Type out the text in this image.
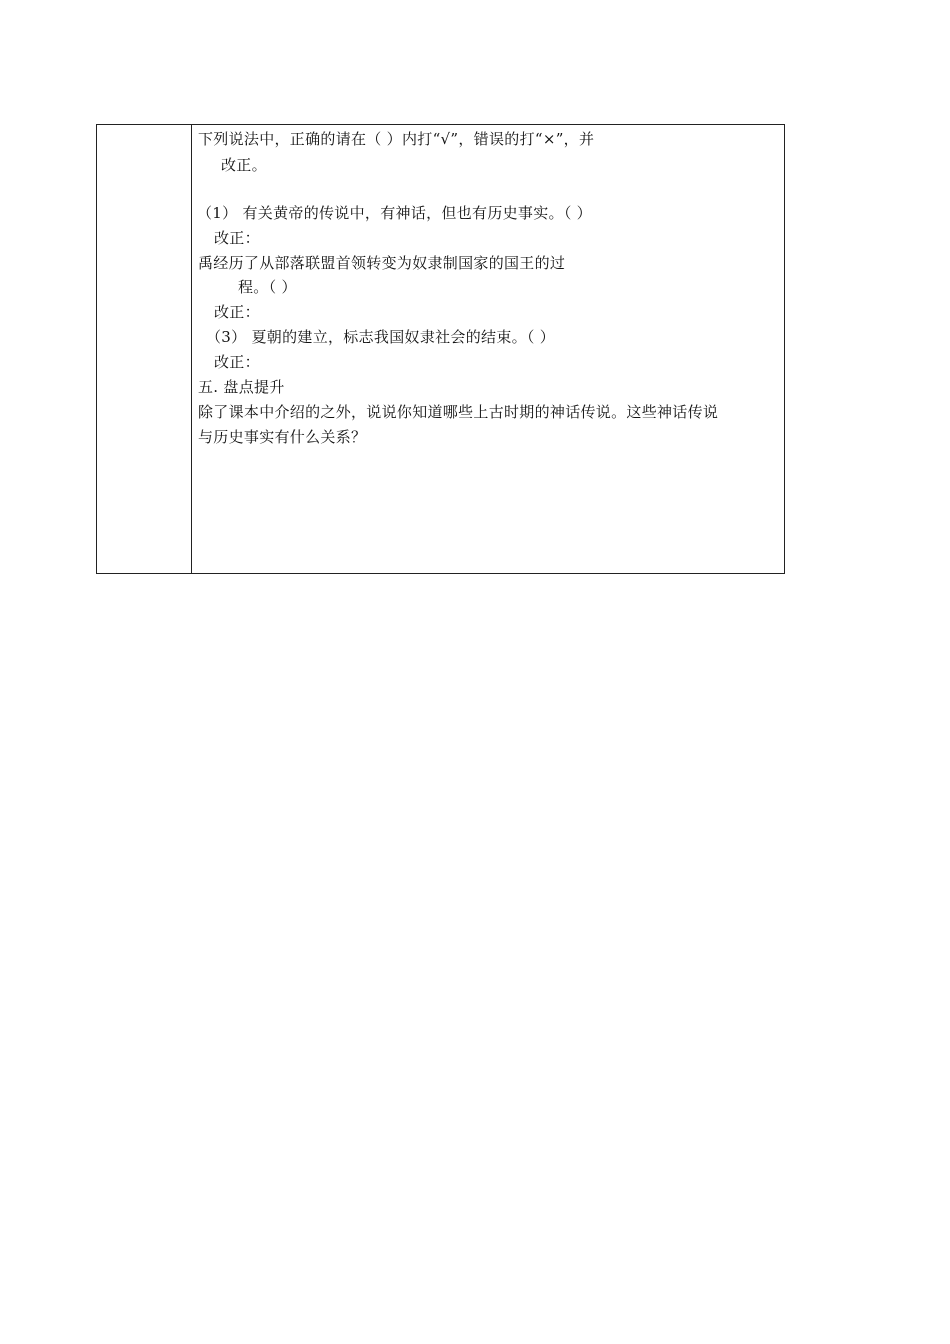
下列说法中，正确的请在（ ）内打“√”，错误的打“×”，并
改正。
（1） 有关黄帝的传说中，有神话，但也有历史事实。（ ）
改正：
禹经历了从部落联盟首领转变为奴隶制国家的国王的过
程。（ ）
改正：
（3） 夏朝的建立，标志我国奴隶社会的结束。（ ）
改正：
五. 盘点提升
除了课本中介绍的之外，说说你知道哪些上古时期的神话传说。这些神话传说
与历史事实有什么关系？
